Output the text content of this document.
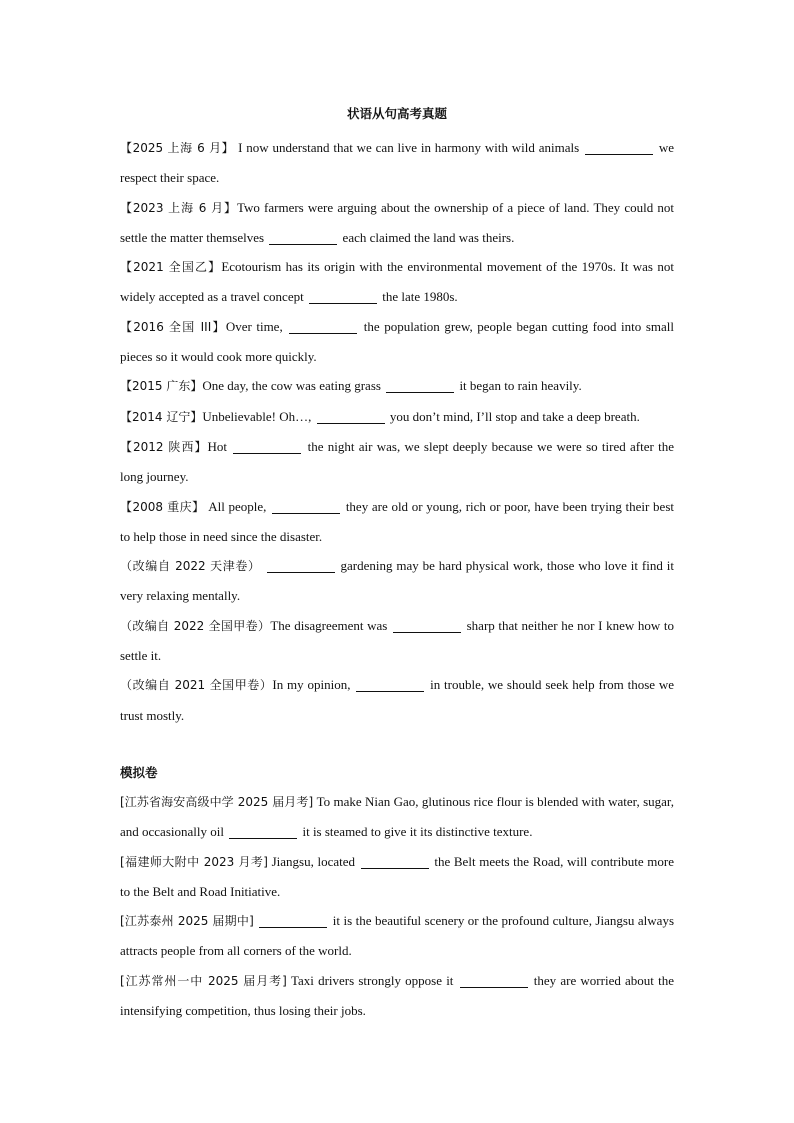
状语从句高考真题

【2025 上海 6 月】 I now understand that we can live in harmony with wild animals	we respect their space.

【2023 上海 6 月】Two farmers were arguing about the ownership of a piece of land. They could not settle the matter themselves	each claimed the land was theirs.

【2021 全国乙】Ecotourism has its origin with the environmental movement of the 1970s. It was not widely accepted as a travel concept	the late 1980s.

【2016 全国 III】Over time,	the population grew, people began cutting food into small pieces so it would cook more quickly.

【2015 广东】One day, the cow was eating grass	it began to rain heavily.

【2014 辽宁】Unbelievable! Oh…,	you don’t mind, I’ll stop and take a deep breath.

【2012 陕西】Hot	the night air was, we slept deeply because we were so tired after the long journey.

【2008 重庆】 All people,	they are old or young, rich or poor, have been trying their best to help those in need since the disaster.

（改编自 2022 天津卷）	gardening may be hard physical work, those who love it find it very relaxing mentally.

（改编自 2022 全国甲卷）The disagreement was	sharp that neither he nor I knew how to settle it.

（改编自 2021 全国甲卷）In my opinion,	in trouble, we should seek help from those we trust mostly.

模拟卷

[江苏省海安高级中学 2025 届月考] To make Nian Gao, glutinous rice flour is blended with water, sugar, and occasionally oil	it is steamed to give it its distinctive texture.

[福建师大附中 2023 月考] Jiangsu, located	the Belt meets the Road, will contribute more to the Belt and Road Initiative.

[江苏泰州 2025 届期中]	it is the beautiful scenery or the profound culture, Jiangsu always attracts people from all corners of the world.

[江苏常州一中 2025 届月考] Taxi drivers strongly oppose it	they are worried about the intensifying competition, thus losing their jobs.
